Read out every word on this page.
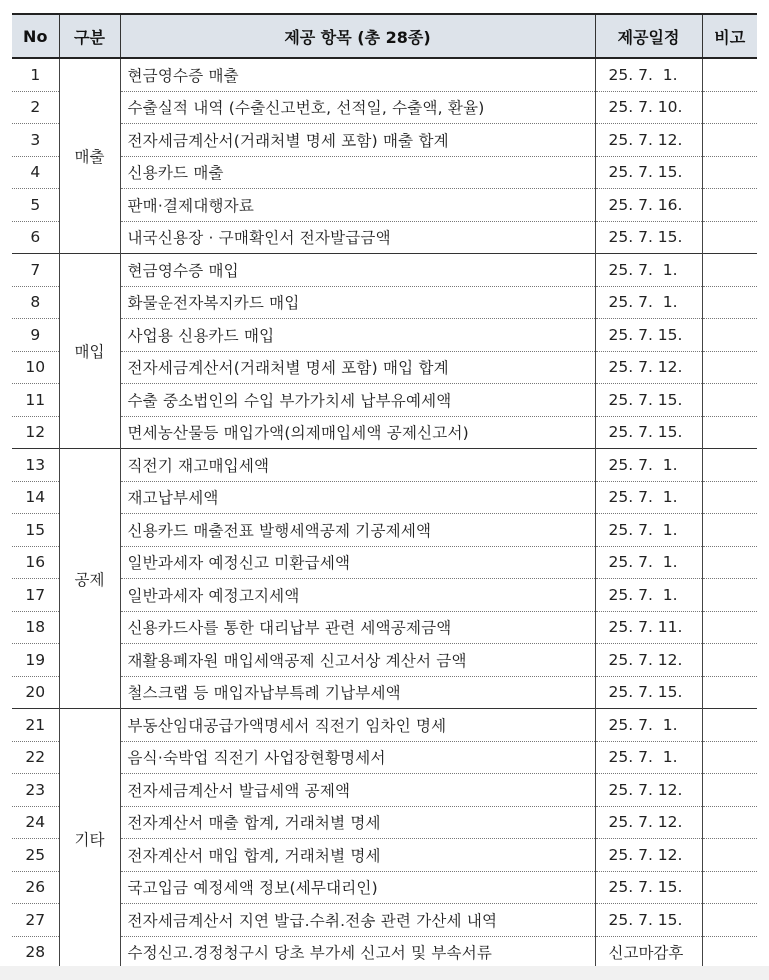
No	구분	제공 항목 (총 28종)	제공일정	비고
1	매출	현금영수증 매출	25. 7.  1.	
2		수출실적 내역 (수출신고번호, 선적일, 수출액, 환율)	25. 7. 10.	
3		전자세금계산서(거래처별 명세 포함) 매출 합계	25. 7. 12.	
4		신용카드 매출	25. 7. 15.	
5		판매·결제대행자료	25. 7. 16.	
6		내국신용장 · 구매확인서 전자발급금액	25. 7. 15.	
7	매입	현금영수증 매입	25. 7.  1.	
8		화물운전자복지카드 매입	25. 7.  1.	
9		사업용 신용카드 매입	25. 7. 15.	
10		전자세금계산서(거래처별 명세 포함) 매입 합계	25. 7. 12.	
11		수출 중소법인의 수입 부가가치세 납부유예세액	25. 7. 15.	
12		면세농산물등 매입가액(의제매입세액 공제신고서)	25. 7. 15.	
13	공제	직전기 재고매입세액	25. 7.  1.	
14		재고납부세액	25. 7.  1.	
15		신용카드 매출전표 발행세액공제 기공제세액	25. 7.  1.	
16		일반과세자 예정신고 미환급세액	25. 7.  1.	
17		일반과세자 예정고지세액	25. 7.  1.	
18		신용카드사를 통한 대리납부 관련 세액공제금액	25. 7. 11.	
19		재활용폐자원 매입세액공제 신고서상 계산서 금액	25. 7. 12.	
20		철스크랩 등 매입자납부특례 기납부세액	25. 7. 15.	
21	기타	부동산임대공급가액명세서 직전기 임차인 명세	25. 7.  1.	
22		음식·숙박업 직전기 사업장현황명세서	25. 7.  1.	
23		전자세금계산서 발급세액 공제액	25. 7. 12.	
24		전자계산서 매출 합계, 거래처별 명세	25. 7. 12.	
25		전자계산서 매입 합계, 거래처별 명세	25. 7. 12.	
26		국고입금 예정세액 정보(세무대리인)	25. 7. 15.	
27		전자세금계산서 지연 발급.수취.전송 관련 가산세 내역	25. 7. 15.	
28		수정신고.경정청구시 당초 부가세 신고서 및 부속서류	신고마감후	
